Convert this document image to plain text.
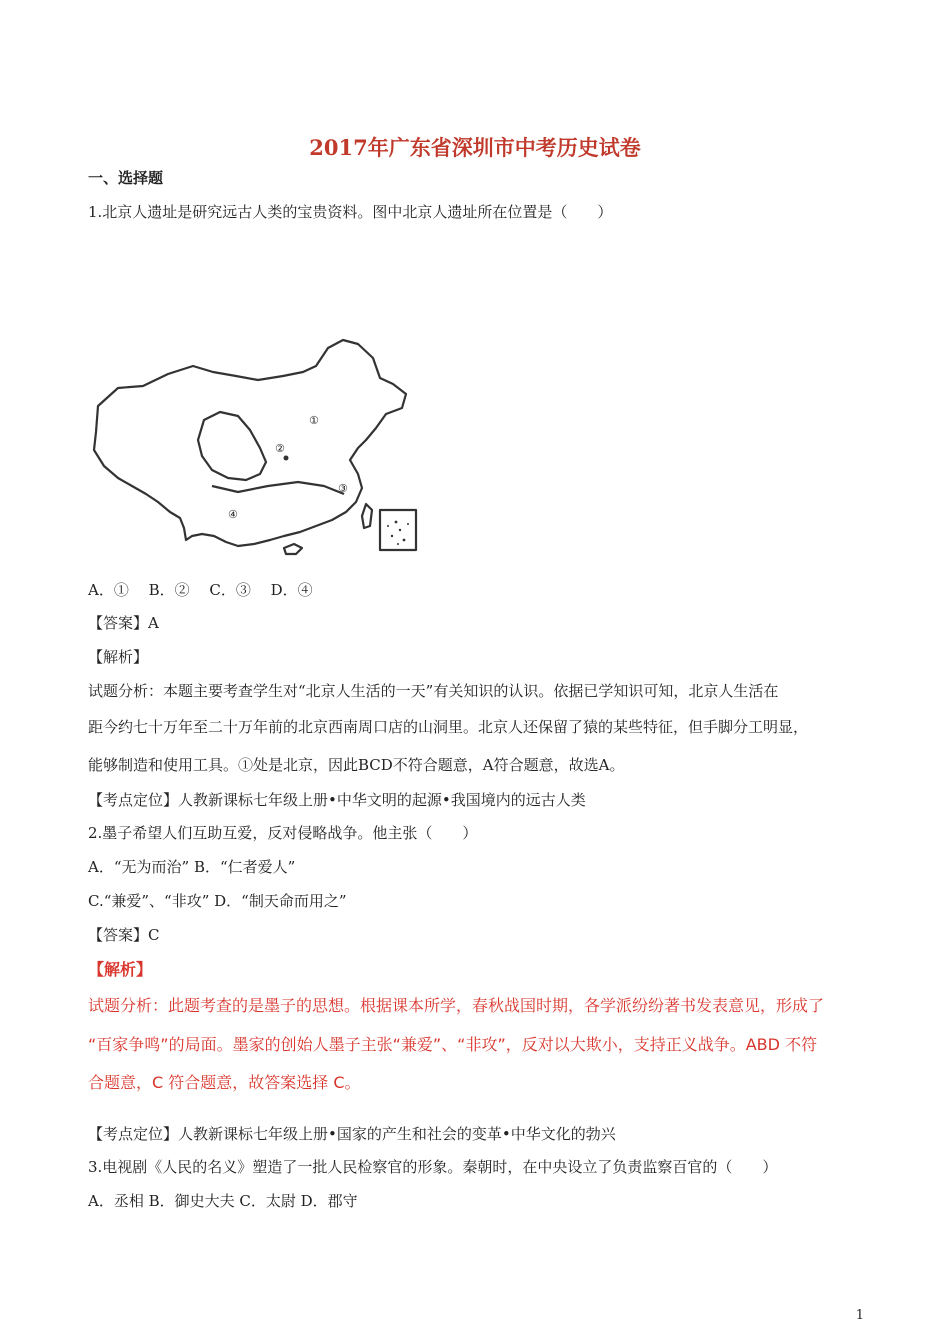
2017年广东省深圳市中考历史试卷
一、选择题
1.北京人遗址是研究远古人类的宝贵资料。图中北京人遗址所在位置是（　　）
①
②
③
④
A．①　 B．②　 C．③　 D．④
【答案】A
【解析】
试题分析：本题主要考查学生对“北京人生活的一天”有关知识的认识。依据已学知识可知，北京人生活在
距今约七十万年至二十万年前的北京西南周口店的山洞里。北京人还保留了猿的某些特征，但手脚分工明显，
能够制造和使用工具。①处是北京，因此BCD不符合题意，A符合题意，故选A。
【考点定位】人教新课标七年级上册•中华文明的起源•我国境内的远古人类
2.墨子希望人们互助互爱，反对侵略战争。他主张（　　）
A．“无为而治” B．“仁者爱人”
C.“兼爱”、“非攻” D．“制天命而用之”
【答案】C
【解析】
试题分析：此题考查的是墨子的思想。根据课本所学，春秋战国时期，各学派纷纷著书发表意见，形成了
“百家争鸣”的局面。墨家的创始人墨子主张“兼爱”、“非攻”，反对以大欺小，支持正义战争。ABD 不符
合题意，C 符合题意，故答案选择 C。
【考点定位】人教新课标七年级上册•国家的产生和社会的变革•中华文化的勃兴
3.电视剧《人民的名义》塑造了一批人民检察官的形象。秦朝时，在中央设立了负责监察百官的（　　）
A．丞相 B．御史大夫 C．太尉 D．郡守
1
